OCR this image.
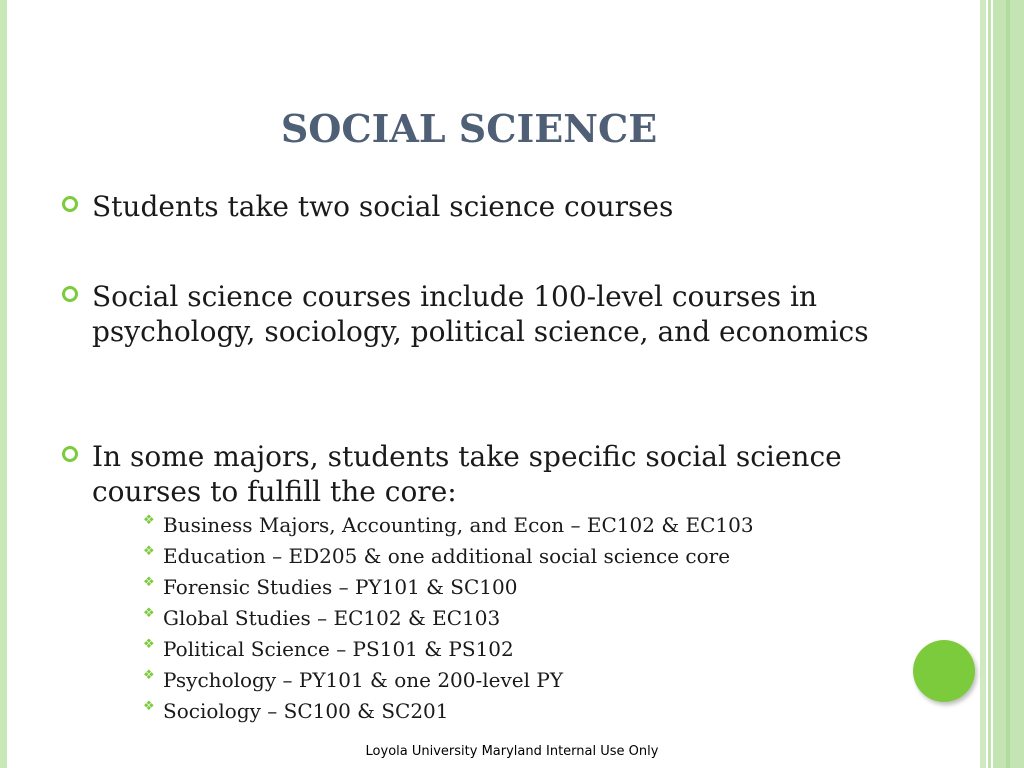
SOCIAL SCIENCE
Students take two social science courses
Social science courses include 100-level courses in psychology, sociology, political science, and economics
In some majors, students take specific social science courses to fulfill the core:
❖ Business Majors, Accounting, and Econ – EC102 & EC103
❖ Education – ED205 & one additional social science core
❖ Forensic Studies – PY101 & SC100
❖ Global Studies – EC102 & EC103
❖ Political Science – PS101 & PS102
❖ Psychology – PY101 & one 200-level PY
❖ Sociology – SC100 & SC201
Loyola University Maryland Internal Use Only
